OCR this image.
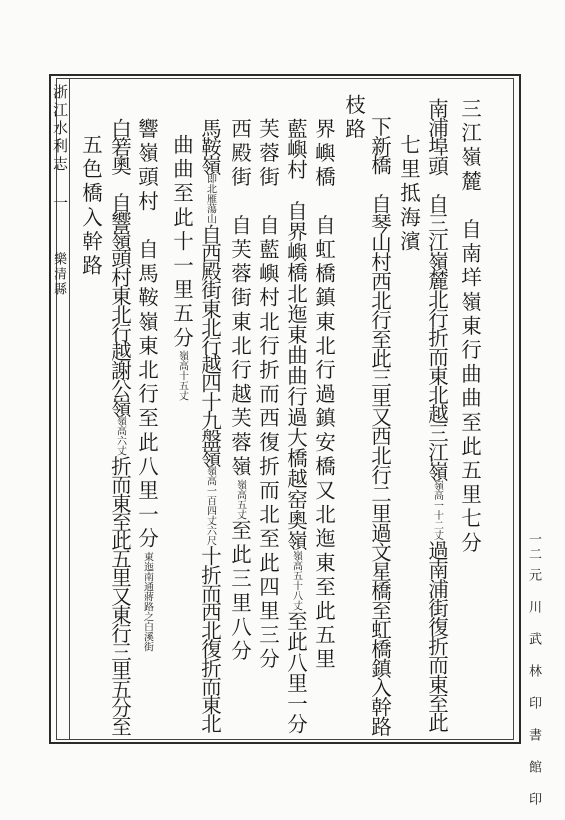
浙江水利志 一
樂清縣
一二
元 川 武 林 印 書 館 印
三江嶺麓　自南垟嶺東行曲曲至此五里七分
南浦埠頭　自三江嶺麓北行折而東北越三江嶺嶺高一十二丈過南浦街復折而東至此
七里抵海濱
下新橋　自琴山村西北行至此三里又西北行二里過文星橋至虹橋鎮入幹路
枝路
界嶼橋　自虹橋鎮東北行過鎮安橋又北迤東至此五里
藍嶼村　自界嶼橋北迤東曲曲行過大橋越窑奧嶺嶺高五十八丈至此八里一分
芙蓉街　自藍嶼村北行折而西復折而北至此四里三分
西殿街　自芙蓉街東北行越芙蓉嶺嶺高五丈至此三里八分
馬鞍嶺即北雁蕩山自西殿街東北行越四十九盤嶺嶺高一百四丈六尺十折而西北復折而東北
曲曲至此十一里五分嶺高十五丈
響嶺頭村　自馬鞍嶺東北行至此八里一分東迤南通蔣路之白溪街
白箬奧　自響嶺頭村東北行越謝公嶺嶺高六丈折而東至此五里又東行三里五分至
五色橋入幹路
